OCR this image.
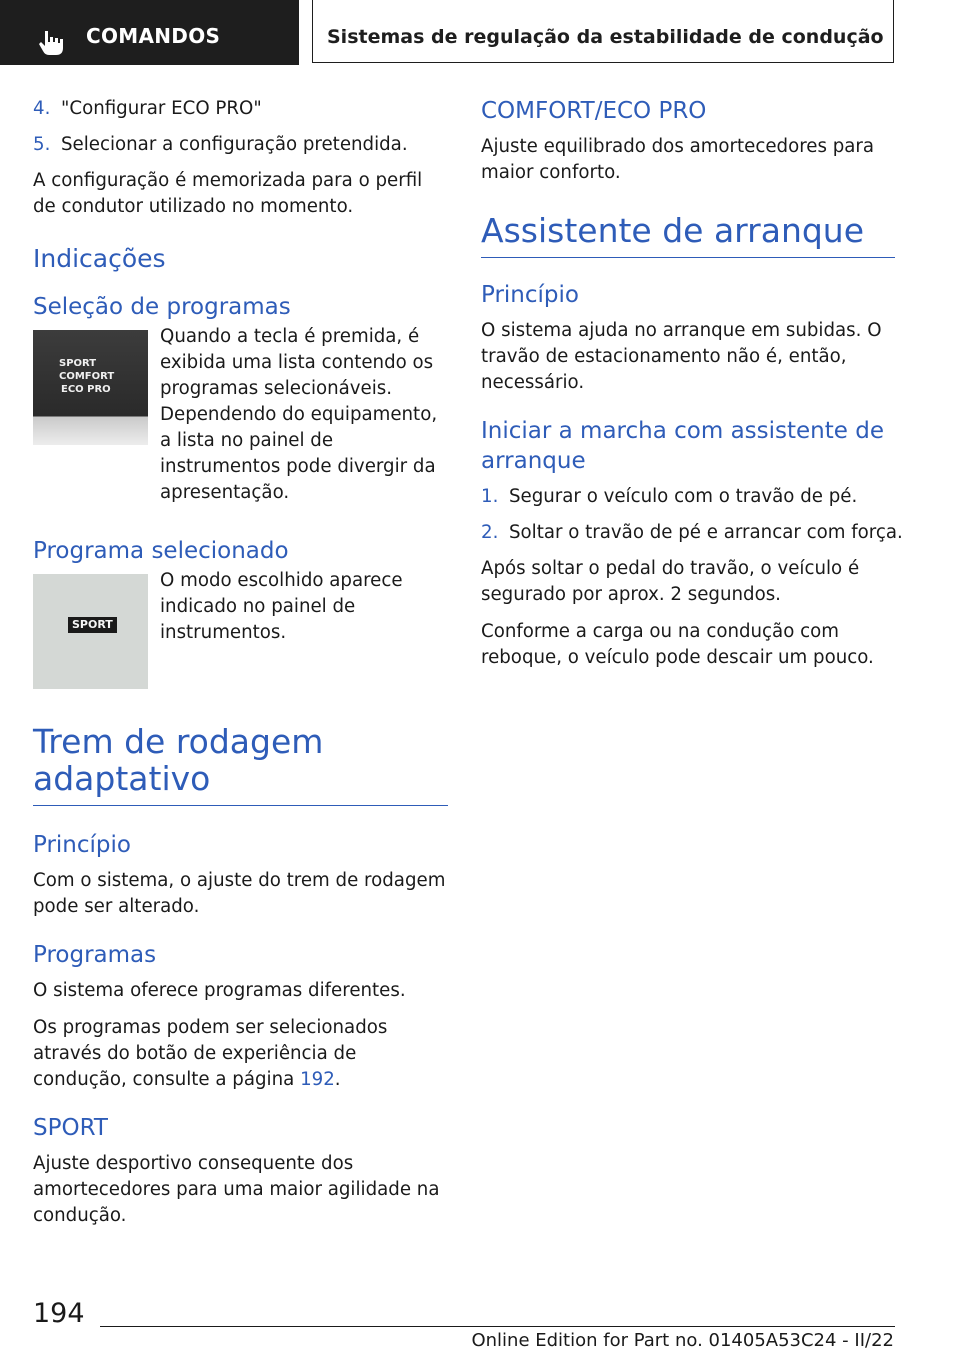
COMANDOS	Sistemas de regulação da estabilidade de condução
4. "Configurar ECO PRO"
5. Selecionar a configuração pretendida.

A configuração é memorizada para o perfil de condutor utilizado no momento.

Indicações
Seleção de programas
SPORT
COMFORT
ECO PRO
Quando a tecla é premida, é exibida uma lista contendo os programas selecionáveis. Dependendo do equipamento, a lista no painel de instrumentos pode divergir da apresentação.
Programa selecionado
SPORT
O modo escolhido aparece indicado no painel de instrumentos.
Trem de rodagem adaptativo
Princípio

Com o sistema, o ajuste do trem de rodagem pode ser alterado.

Programas

O sistema oferece programas diferentes.

Os programas podem ser selecionados através do botão de experiência de condução, consulte a página 192.

SPORT

Ajuste desportivo consequente dos amortecedores para uma maior agilidade na condução.

COMFORT/ECO PRO

Ajuste equilibrado dos amortecedores para maior conforto.

Assistente de arranque
Princípio

O sistema ajuda no arranque em subidas. O travão de estacionamento não é, então, necessário.

Iniciar a marcha com assistente de arranque
1. Segurar o veículo com o travão de pé.
2. Soltar o travão de pé e arrancar com força.

Após soltar o pedal do travão, o veículo é segurado por aprox. 2 segundos.

Conforme a carga ou na condução com reboque, o veículo pode descair um pouco.

194
Online Edition for Part no. 01405A53C24 - II/22
